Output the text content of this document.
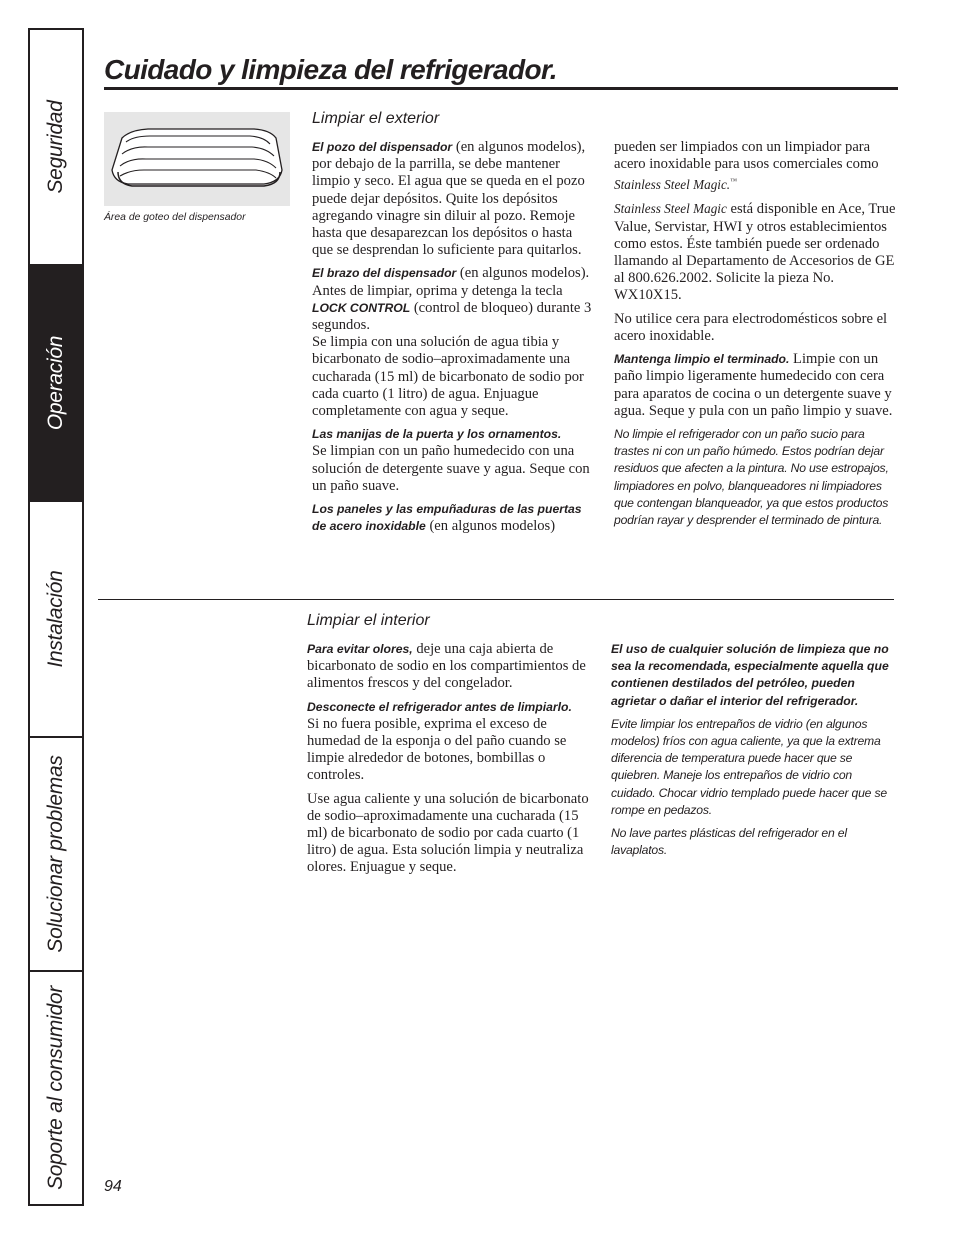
Seguridad
Operación
Instalación
Solucionar problemas
Soporte al consumidor
Cuidado y limpieza del refrigerador.
Área de goteo del dispensador
Limpiar el exterior

El pozo del dispensador (en algunos modelos), por debajo de la parrilla, se debe mantener limpio y seco. El agua que se queda en el pozo puede dejar depósitos. Quite los depósitos agregando vinagre sin diluir al pozo. Remoje hasta que desaparezcan los depósitos o hasta que se desprendan lo suficiente para quitarlos.

El brazo del dispensador (en algunos modelos). Antes de limpiar, oprima y detenga la tecla LOCK CONTROL (control de bloqueo) durante 3 segundos.

Se limpia con una solución de agua tibia y bicarbonato de sodio–aproximadamente una cucharada (15 ml) de bicarbonato de sodio por cada cuarto (1 litro) de agua. Enjuague completamente con agua y seque.

Las manijas de la puerta y los ornamentos.
Se limpian con un paño humedecido con una solución de detergente suave y agua. Seque con un paño suave.

Los paneles y las empuñaduras de las puertas de acero inoxidable (en algunos modelos)

pueden ser limpiados con un limpiador para acero inoxidable para usos comerciales como Stainless Steel Magic.™

Stainless Steel Magic está disponible en Ace, True Value, Servistar, HWI y otros establecimientos como estos. Éste también puede ser ordenado llamando al Departamento de Accesorios de GE al 800.626.2002. Solicite la pieza No. WX10X15.

No utilice cera para electrodomésticos sobre el acero inoxidable.

Mantenga limpio el terminado. Limpie con un paño limpio ligeramente humedecido con cera para aparatos de cocina o un detergente suave y agua. Seque y pula con un paño limpio y suave.

No limpie el refrigerador con un paño sucio para trastes ni con un paño húmedo. Estos podrían dejar residuos que afecten a la pintura. No use estropajos, limpiadores en polvo, blanqueadores ni limpiadores que contengan blanqueador, ya que estos productos podrían rayar y desprender el terminado de pintura.

Limpiar el interior

Para evitar olores, deje una caja abierta de bicarbonato de sodio en los compartimientos de alimentos frescos y del congelador.

Desconecte el refrigerador antes de limpiarlo.
Si no fuera posible, exprima el exceso de humedad de la esponja o del paño cuando se limpie alrededor de botones, bombillas o controles.

Use agua caliente y una solución de bicarbonato de sodio–aproximadamente una cucharada (15 ml) de bicarbonato de sodio por cada cuarto (1 litro) de agua. Esta solución limpia y neutraliza olores. Enjuague y seque.

El uso de cualquier solución de limpieza que no sea la recomendada, especialmente aquella que contienen destilados del petróleo, pueden agrietar o dañar el interior del refrigerador.

Evite limpiar los entrepaños de vidrio (en algunos modelos) fríos con agua caliente, ya que la extrema diferencia de temperatura puede hacer que se quiebren. Maneje los entrepaños de vidrio con cuidado. Chocar vidrio templado puede hacer que se rompe en pedazos.

No lave partes plásticas del refrigerador en el lavaplatos.

94
